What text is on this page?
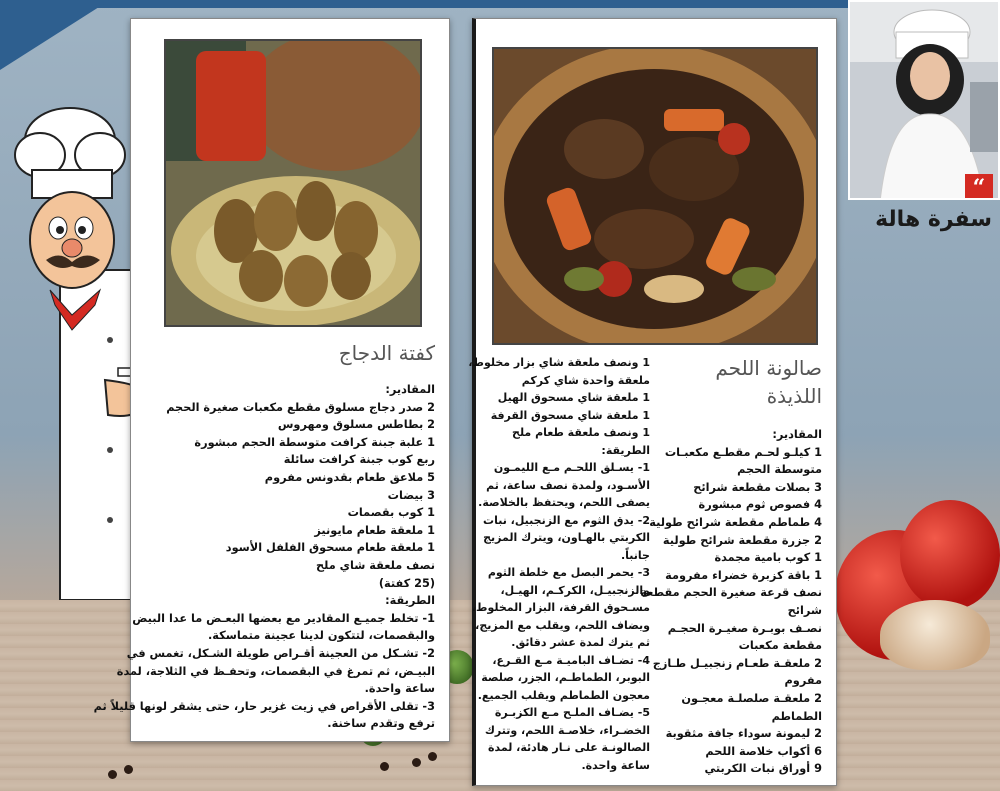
“
سفرة هالة
كفتة الدجاج
المقادير:
2 صدر دجاج مسلوق مقطع مكعبات صغيرة الحجم
2 بطاطس مسلوق ومهروس
1 علبة جبنة كرافت متوسطة الحجم مبشورة
ربع كوب جبنة كرافت سائلة
5 ملاعق طعام بقدونس مفروم
3 بيضات
1 كوب بقصمات
1 ملعقة طعام مايونيز
1 ملعقة طعام مسحوق الفلفل الأسود
نصف ملعقة شاي ملح
(25 كفتة)
الطريقة:
1- تخلط جميـع المقادير مع بعضها البعـض ما عدا البيض
والبقصمات، لتتكون لدينا عجينة متماسكة.
2- تشـكل من العجينة أقـراص طويلة الشـكل، تغمس في
البيـض، ثم تمرغ في البقصمات، وتحفـظ في الثلاجة، لمدة
ساعة واحدة.
3- تقلى الأقراص في زيت غزير حار، حتى يشقر لونها قليلاً ثم
ترفع وتقدم ساخنة.
صالونة اللحم
اللذيذة
المقادير:
1 كيلـو لحـم مقطـع مكعبـات
متوسطة الحجم
3 بصلات مقطعة شرائح
4 فصوص ثوم مبشورة
4 طماطم مقطعة شرائح طولية
2 جزرة مقطعة شرائح طولية
1 كوب بامية مجمدة
1 باقة كزبرة خضراء مفرومة
نصف قرعة صغيرة الحجم مقطعة
شرائح
نصـف بوبـرة صغيـرة الحجـم
مقطعة مكعبات
2 ملعقـة طعـام زنجبيـل طـازج
مفروم
2 ملعقـة صلصلـة معجـون
الطماطم
2 ليمونة سوداء جافة مثقوبة
6 أكواب خلاصة اللحم
9 أوراق نبات الكربتي
1 ونصف ملعقة شاي بزار مخلوط،
ملعقة واحدة شاي كركم
1 ملعقة شاي مسحوق الهيل
1 ملعقة شاي مسحوق القرفة
1 ونصف ملعقة طعام ملح
الطريقة:
1- يسـلق اللحـم مـع الليمـون
الأسـود، ولمدة نصف ساعة، ثم
يصفى اللحم، ويحتفظ بالخلاصة.
2- يدق الثوم مع الزنجبيل، نبات
الكربتي بالهـاون، ويترك المزيج
جانباً.
3- يحمر البصل مع خلطة الثوم
والزنجبيـل، الكركـم، الهيـل،
مسـحوق القرفة، البزار المخلوط،
ويضاف اللحم، ويقلب مع المزيج،
ثم يترك لمدة عشر دقائق.
4- تضـاف الباميـة مـع القـرع،
البوبر، الطماطـم، الجزر، صلصة
معجون الطماطم ويقلب الجميع.
5- يضـاف الملـح مـع الكزبـرة
الخضـراء، خلاصـة اللحم، وتترك
الصالونـة على نـار هادئة، لمدة
ساعة واحدة.
